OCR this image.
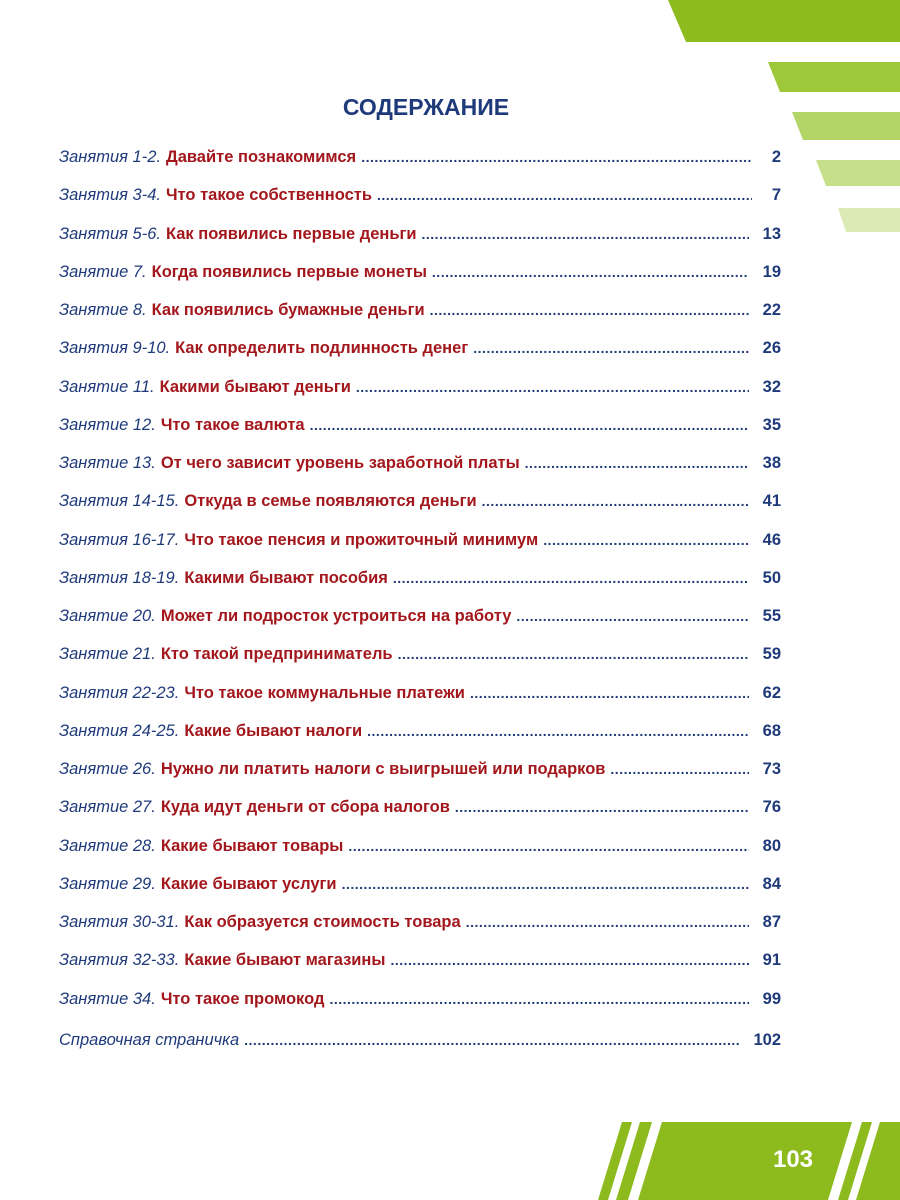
СОДЕРЖАНИЕ
Занятия 1-2. Давайте познакомимся .....	2
Занятия 3-4. Что такое собственность .....	7
Занятия 5-6. Как появились первые деньги .....	13
Занятие 7. Когда появились первые монеты .....	19
Занятие 8. Как появились бумажные деньги .....	22
Занятия 9-10. Как определить подлинность денег .....	26
Занятие 11. Какими бывают деньги .....	32
Занятие 12. Что такое валюта .....	35
Занятие 13. От чего зависит уровень заработной платы .....	38
Занятия 14-15. Откуда в семье появляются деньги .....	41
Занятия 16-17. Что такое пенсия и прожиточный минимум .....	46
Занятия 18-19. Какими бывают пособия .....	50
Занятие 20. Может ли подросток устроиться на работу .....	55
Занятие 21. Кто такой предприниматель .....	59
Занятия 22-23. Что такое коммунальные платежи .....	62
Занятия 24-25. Какие бывают налоги .....	68
Занятие 26. Нужно ли платить налоги с выигрышей или подарков .....	73
Занятие 27. Куда идут деньги от сбора налогов .....	76
Занятие 28. Какие бывают товары .....	80
Занятие 29. Какие бывают услуги .....	84
Занятия 30-31. Как образуется стоимость товара .....	87
Занятия 32-33. Какие бывают магазины .....	91
Занятие 34. Что такое промокод .....	99
Справочная страничка .....	102
103
